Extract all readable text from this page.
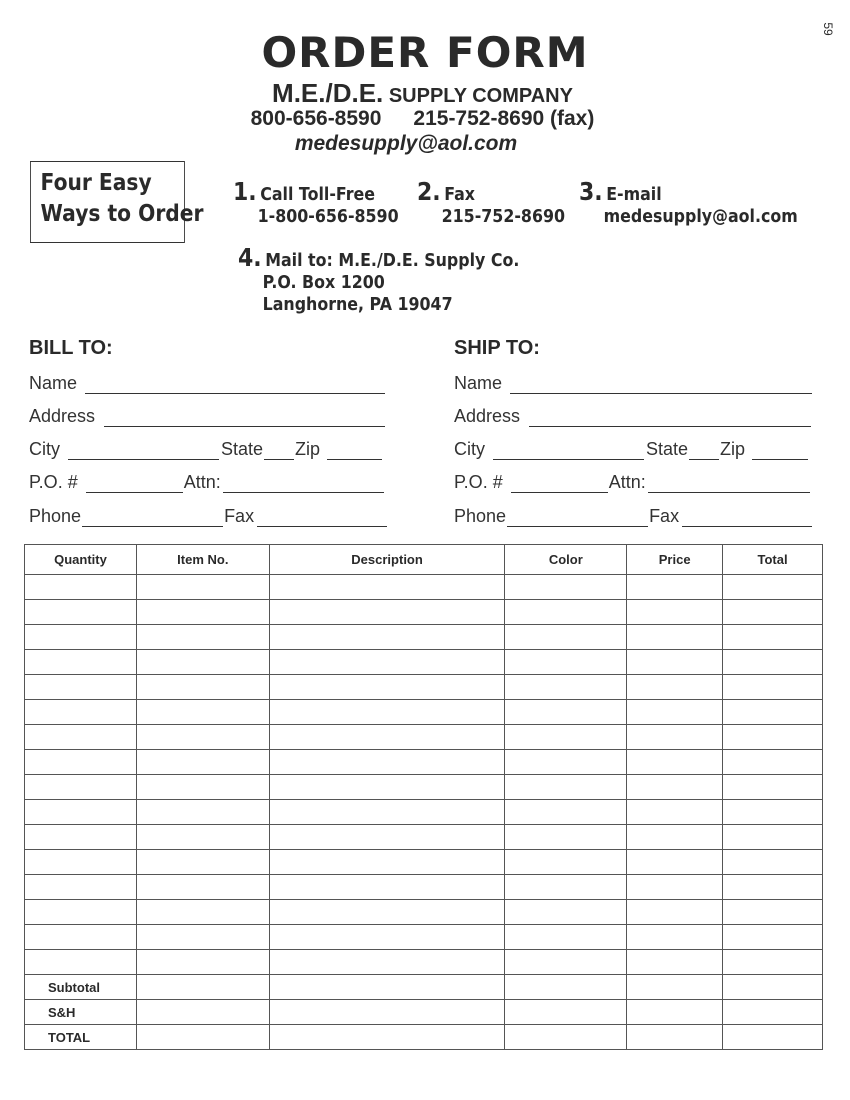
59
ORDER FORM
M.E./D.E. SUPPLY COMPANY
800-656-8590 215-752-8690 (fax)
medesupply@aol.com
Four Easy
Ways to Order
1. Call Toll-Free
1-800-656-8590
2. Fax
215-752-8690
3. E-mail
medesupply@aol.com
4. Mail to: M.E./D.E. Supply Co.
P.O. Box 1200
Langhorne, PA 19047
BILL TO:
Name
Address
City	State Zip
P.O. #	Attn:
Phone	Fax
SHIP TO:
Name
Address
City	State Zip
P.O. #	Attn:
Phone	Fax
Quantity	Item No.	Description	Color	Price	Total

Subtotal					
S&H					
TOTAL					
